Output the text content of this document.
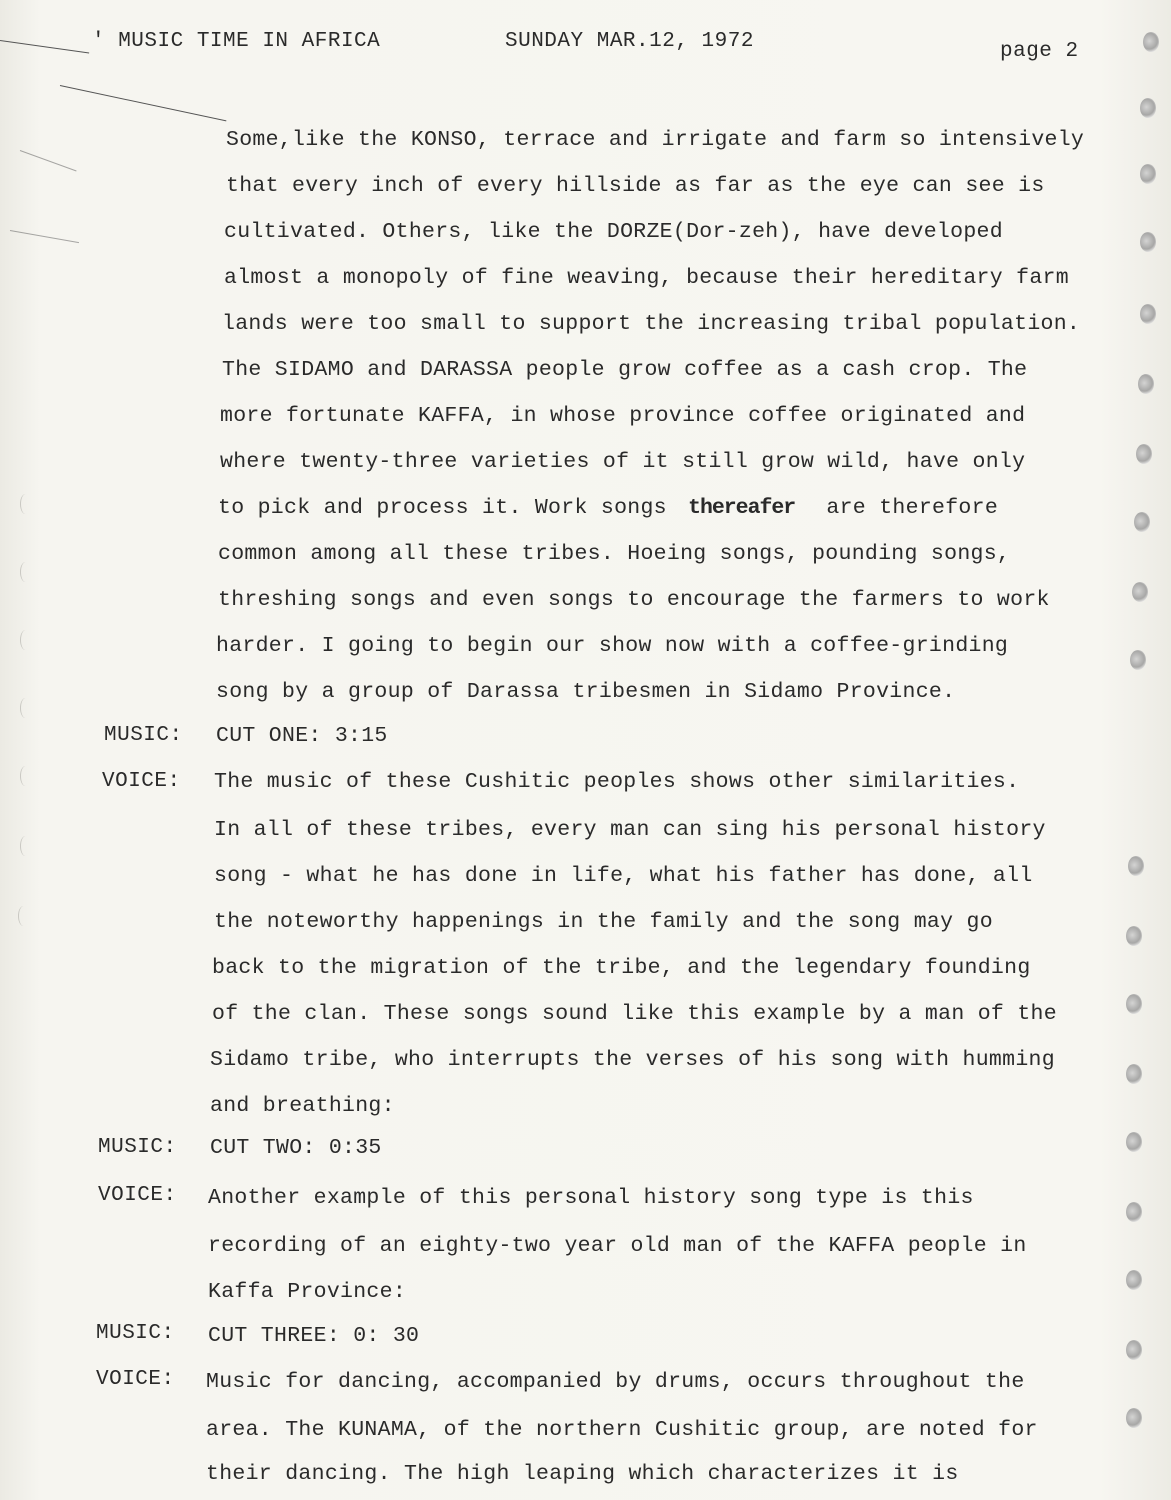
' MUSIC TIME IN AFRICA	SUNDAY MAR.12, 1972	page 2
Some,like the KONSO, terrace and irrigate and farm so intensively
that every inch of every hillside as far as the eye can see is
cultivated. Others, like the DORZE(Dor-zeh), have developed
almost a monopoly of fine weaving, because their hereditary farm
lands were too small to support the increasing tribal population.
The SIDAMO and DARASSA people grow coffee as a cash crop. The
more fortunate KAFFA, in whose province coffee originated and
where twenty-three varieties of it still grow wild, have only
to pick and process it. Work songs thereafer are therefore
common among all these tribes. Hoeing songs, pounding songs,
threshing songs and even songs to encourage the farmers to work
harder. I going to begin our show now with a coffee-grinding
song by a group of Darassa tribesmen in Sidamo Province.
MUSIC: CUT ONE: 3:15
VOICE: The music of these Cushitic peoples shows other similarities.
In all of these tribes, every man can sing his personal history
song - what he has done in life, what his father has done, all
the noteworthy happenings in the family and the song may go
back to the migration of the tribe, and the legendary founding
of the clan. These songs sound like this example by a man of the
Sidamo tribe, who interrupts the verses of his song with humming
and breathing:
MUSIC: CUT TWO: 0:35
VOICE: Another example of this personal history song type is this
recording of an eighty-two year old man of the KAFFA people in
Kaffa Province:
MUSIC: CUT THREE: 0: 30
VOICE: Music for dancing, accompanied by drums, occurs throughout the
area. The KUNAMA, of the northern Cushitic group, are noted for
their dancing. The high leaping which characterizes it is
